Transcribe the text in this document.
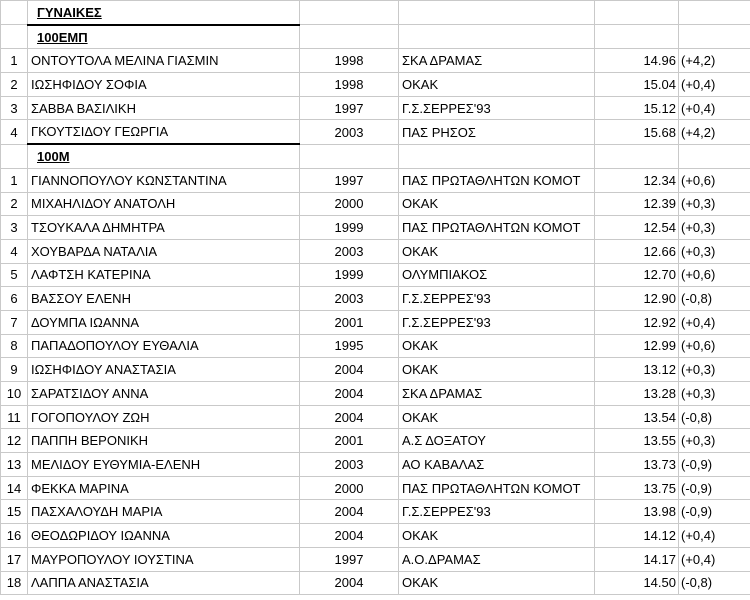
	ΓΥΝΑΙΚΕΣ				
	100ΕΜΠ				
1	ΟΝΤΟΥΤΟΛΑ ΜΕΛΙΝΑ ΓΙΑΣΜΙΝ	1998	ΣΚΑ ΔΡΑΜΑΣ	14.96	(+4,2)
2	ΙΩΣΗΦΙΔΟΥ ΣΟΦΙΑ	1998	ΟΚΑΚ	15.04	(+0,4)
3	ΣΑΒΒΑ ΒΑΣΙΛΙΚΗ	1997	Γ.Σ.ΣΕΡΡΕΣ'93	15.12	(+0,4)
4	ΓΚΟΥΤΣΙΔΟΥ ΓΕΩΡΓΙΑ	2003	ΠΑΣ ΡΗΣΟΣ	15.68	(+4,2)
	100Μ				
1	ΓΙΑΝΝΟΠΟΥΛΟΥ ΚΩΝΣΤΑΝΤΙΝΑ	1997	ΠΑΣ ΠΡΩΤΑΘΛΗΤΩΝ ΚΟΜΟΤ	12.34	(+0,6)
2	ΜΙΧΑΗΛΙΔΟΥ ΑΝΑΤΟΛΗ	2000	ΟΚΑΚ	12.39	(+0,3)
3	ΤΣΟΥΚΑΛΑ ΔΗΜΗΤΡΑ	1999	ΠΑΣ ΠΡΩΤΑΘΛΗΤΩΝ ΚΟΜΟΤ	12.54	(+0,3)
4	ΧΟΥΒΑΡΔΑ ΝΑΤΑΛΙΑ	2003	ΟΚΑΚ	12.66	(+0,3)
5	ΛΑΦΤΣΗ ΚΑΤΕΡΙΝΑ	1999	ΟΛΥΜΠΙΑΚΟΣ	12.70	(+0,6)
6	ΒΑΣΣΟΥ ΕΛΕΝΗ	2003	Γ.Σ.ΣΕΡΡΕΣ'93	12.90	(-0,8)
7	ΔΟΥΜΠΑ ΙΩΑΝΝΑ	2001	Γ.Σ.ΣΕΡΡΕΣ'93	12.92	(+0,4)
8	ΠΑΠΑΔΟΠΟΥΛΟΥ ΕΥΘΑΛΙΑ	1995	ΟΚΑΚ	12.99	(+0,6)
9	ΙΩΣΗΦΙΔΟΥ ΑΝΑΣΤΑΣΙΑ	2004	ΟΚΑΚ	13.12	(+0,3)
10	ΣΑΡΑΤΣΙΔΟΥ ΑΝΝΑ	2004	ΣΚΑ ΔΡΑΜΑΣ	13.28	(+0,3)
11	ΓΟΓΟΠΟΥΛΟΥ ΖΩΗ	2004	ΟΚΑΚ	13.54	(-0,8)
12	ΠΑΠΠΗ ΒΕΡΟΝΙΚΗ	2001	Α.Σ ΔΟΞΑΤΟΥ	13.55	(+0,3)
13	ΜΕΛΙΔΟΥ ΕΥΘΥΜΙΑ-ΕΛΕΝΗ	2003	ΑΟ ΚΑΒΑΛΑΣ	13.73	(-0,9)
14	ΦΕΚΚΑ ΜΑΡΙΝΑ	2000	ΠΑΣ ΠΡΩΤΑΘΛΗΤΩΝ ΚΟΜΟΤ	13.75	(-0,9)
15	ΠΑΣΧΑΛΟΥΔΗ ΜΑΡΙΑ	2004	Γ.Σ.ΣΕΡΡΕΣ'93	13.98	(-0,9)
16	ΘΕΟΔΩΡΙΔΟΥ ΙΩΑΝΝΑ	2004	ΟΚΑΚ	14.12	(+0,4)
17	ΜΑΥΡΟΠΟΥΛΟΥ ΙΟΥΣΤΙΝΑ	1997	Α.Ο.ΔΡΑΜΑΣ	14.17	(+0,4)
18	ΛΑΠΠΑ ΑΝΑΣΤΑΣΙΑ	2004	ΟΚΑΚ	14.50	(-0,8)
